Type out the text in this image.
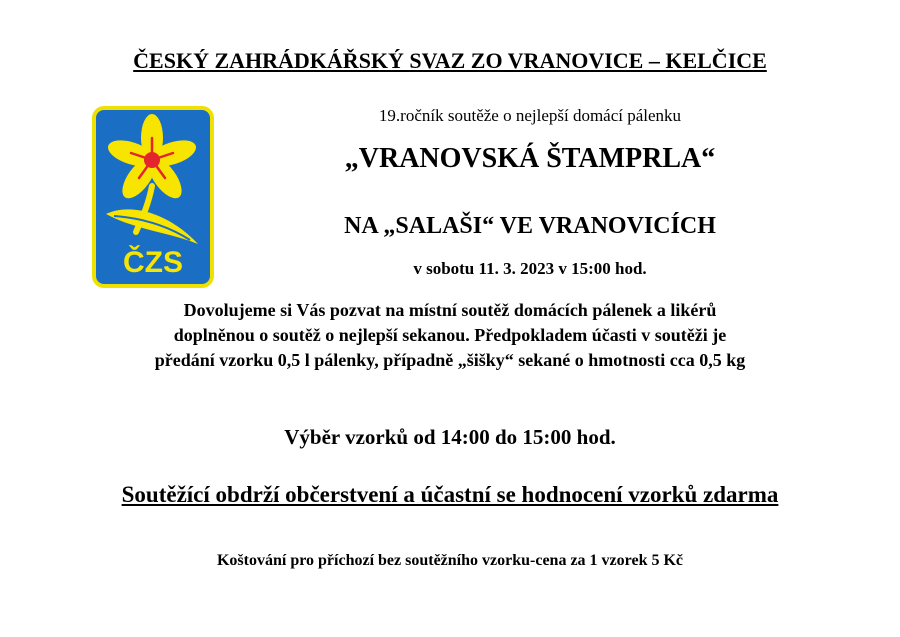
ČESKÝ ZAHRÁDKÁŘSKÝ SVAZ ZO VRANOVICE – KELČICE
ČZS
19.ročník soutěže o nejlepší domácí pálenku
„VRANOVSKÁ ŠTAMPRLA“
NA „SALAŠI“ VE VRANOVICÍCH
v sobotu 11. 3. 2023 v 15:00 hod.
Dovolujeme si Vás pozvat na místní soutěž domácích pálenek a likérů
doplněnou o soutěž o nejlepší sekanou. Předpokladem účasti v soutěži je
předání vzorku 0,5 l pálenky, případně „šišky“ sekané o hmotnosti cca 0,5 kg
Výběr vzorků od 14:00 do 15:00 hod.
Soutěžící obdrží občerstvení a účastní se hodnocení vzorků zdarma
Koštování pro příchozí bez soutěžního vzorku-cena za 1 vzorek 5 Kč
